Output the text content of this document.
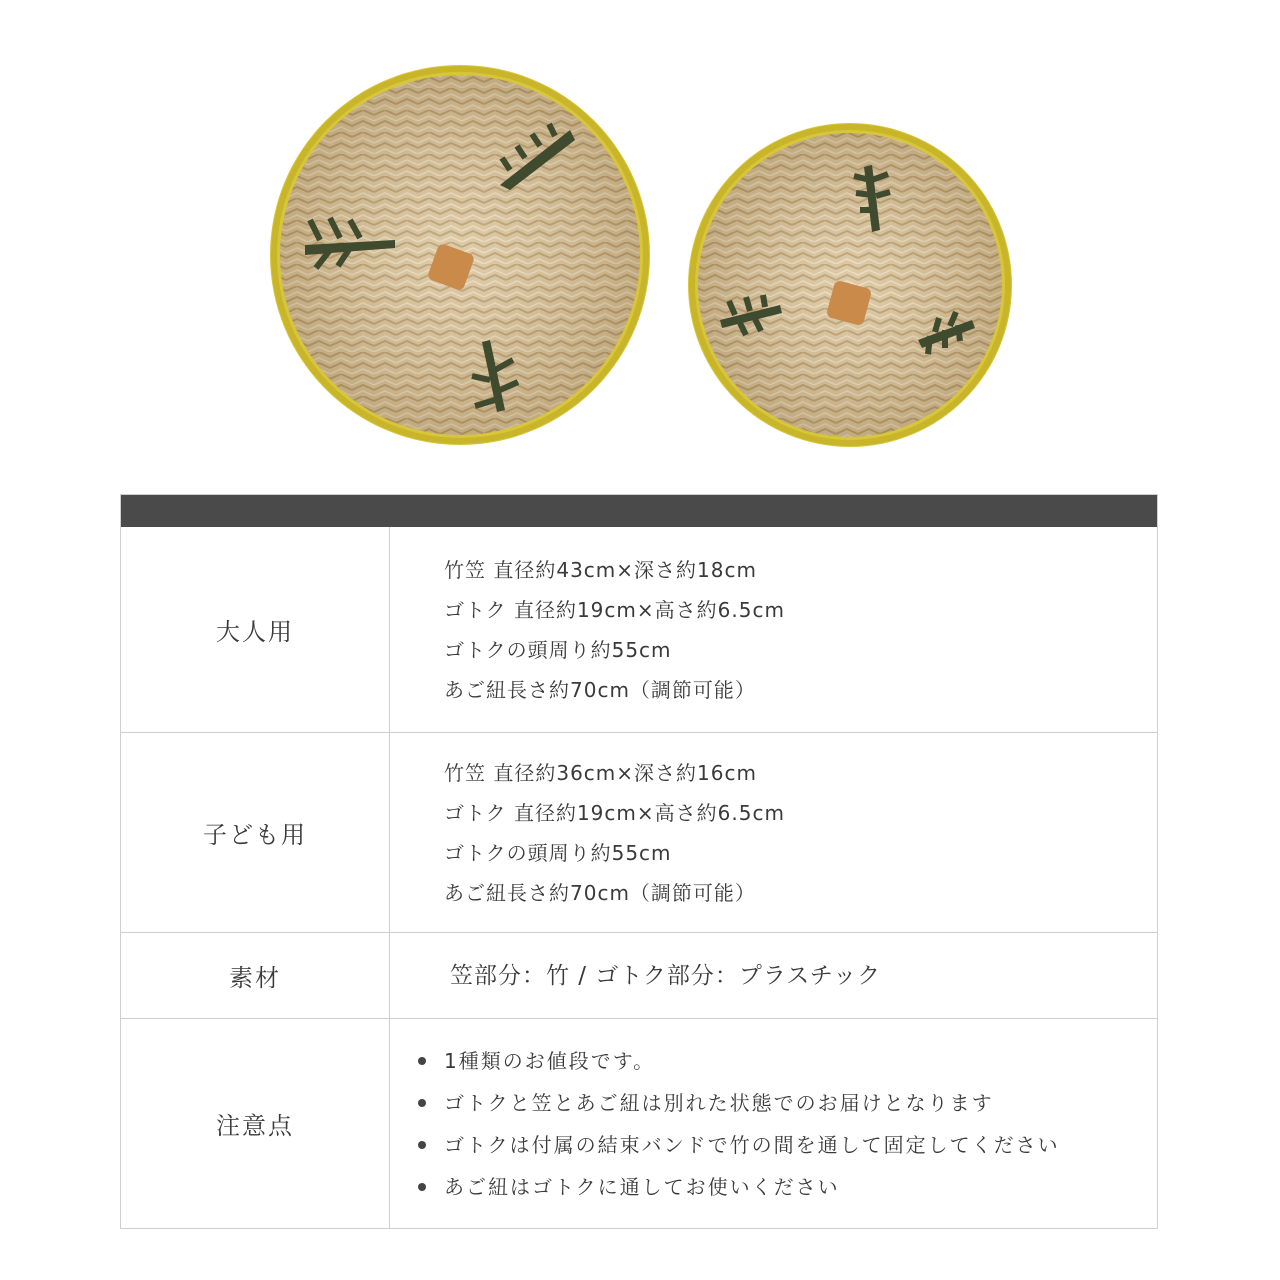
大人用
竹笠 直径約43cm×深さ約18cm
ゴトク 直径約19cm×高さ約6.5cm
ゴトクの頭周り約55cm
あご紐長さ約70cm（調節可能）
子ども用
竹笠 直径約36cm×深さ約16cm
ゴトク 直径約19cm×高さ約6.5cm
ゴトクの頭周り約55cm
あご紐長さ約70cm（調節可能）
素材	笠部分：竹 / ゴトク部分：プラスチック
注意点
1種類のお値段です。
ゴトクと笠とあご紐は別れた状態でのお届けとなります
ゴトクは付属の結束バンドで竹の間を通して固定してください
あご紐はゴトクに通してお使いください
